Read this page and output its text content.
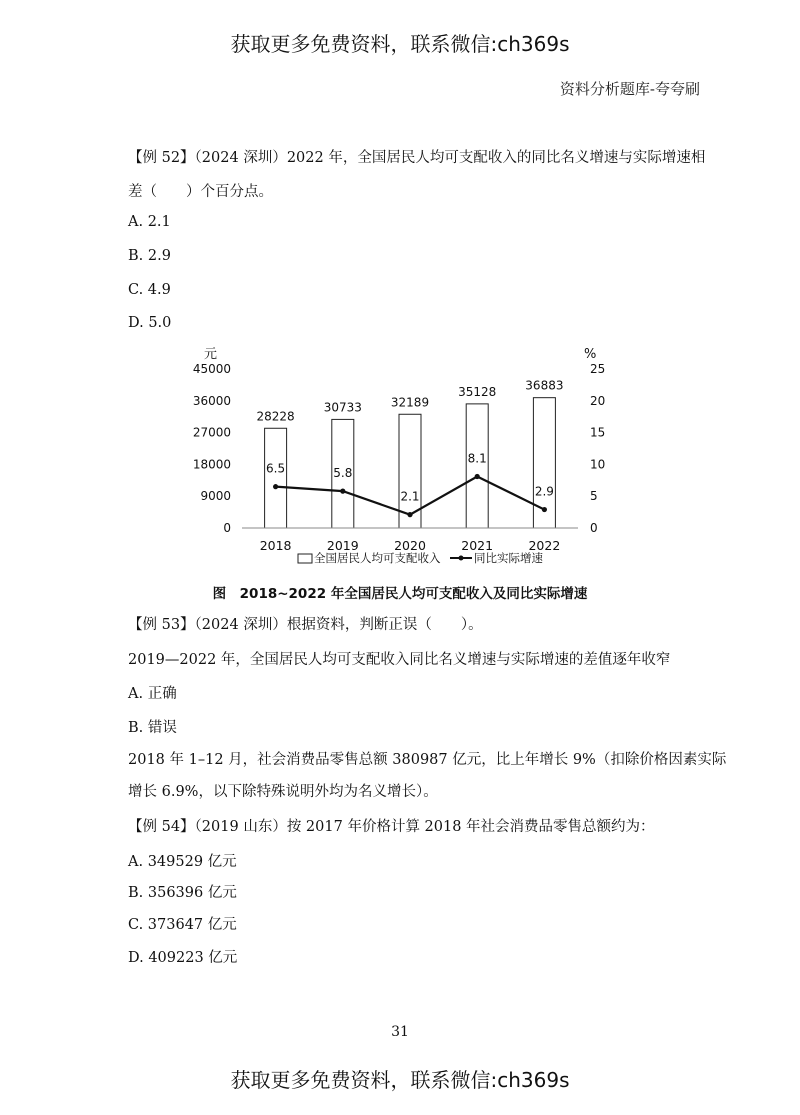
获取更多免费资料，联系微信:ch369s
资料分析题库-夸夸刷
【例 52】（2024 深圳）2022 年，全国居民人均可支配收入的同比名义增速与实际增速相
差（　　）个百分点。
A. 2.1
B. 2.9
C. 4.9
D. 5.0
元
45000
36000
27000
18000
9000
0
%
25
20
15
10
5
0
28228
30733 32189
35128 36883
6.5	5.8
2.1
8.1
2.9
2018	2019	2020	2021	2022
全国居民人均可支配收入	同比实际增速
图　2018~2022 年全国居民人均可支配收入及同比实际增速
【例 53】（2024 深圳）根据资料，判断正误（　　）。
2019—2022 年，全国居民人均可支配收入同比名义增速与实际增速的差值逐年收窄
A. 正确
B. 错误
2018 年 1–12 月，社会消费品零售总额 380987 亿元，比上年增长 9%（扣除价格因素实际
增长 6.9%，以下除特殊说明外均为名义增长）。
【例 54】（2019 山东）按 2017 年价格计算 2018 年社会消费品零售总额约为：
A. 349529 亿元
B. 356396 亿元
C. 373647 亿元
D. 409223 亿元
31
获取更多免费资料，联系微信:ch369s
